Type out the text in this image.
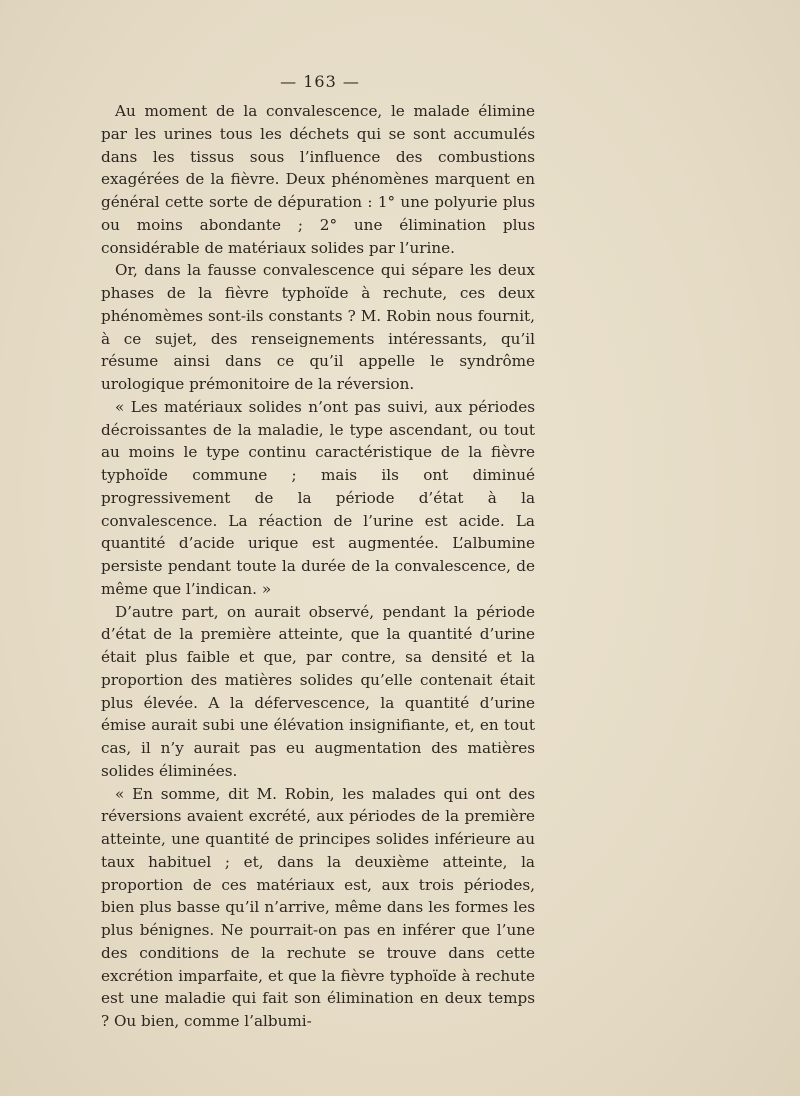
— 163 —

Au moment de la convalescence, le malade élimine par les urines tous les déchets qui se sont accumulés dans les tissus sous l’influence des combustions exagérées de la fièvre. Deux phénomènes marquent en général cette sorte de dépuration : 1° une polyurie plus ou moins abondante ; 2° une élimination plus considérable de matériaux solides par l’urine.

Or, dans la fausse convalescence qui sépare les deux phases de la fièvre typhoïde à rechute, ces deux phénomèmes sont-ils constants ? M. Robin nous fournit, à ce sujet, des renseignements intéressants, qu’il résume ainsi dans ce qu’il appelle le syndrôme urologique prémonitoire de la réversion.

« Les matériaux solides n’ont pas suivi, aux périodes décroissantes de la maladie, le type ascendant, ou tout au moins le type continu caractéristique de la fièvre typhoïde commune ; mais ils ont diminué progressivement de la période d’état à la convalescence. La réaction de l’urine est acide. La quantité d’acide urique est augmentée. L’albumine persiste pendant toute la durée de la convalescence, de même que l’indican. »

D’autre part, on aurait observé, pendant la période d’état de la première atteinte, que la quantité d’urine était plus faible et que, par contre, sa densité et la proportion des matières solides qu’elle contenait était plus élevée. A la défervescence, la quantité d’urine émise aurait subi une élévation insignifiante, et, en tout cas, il n’y aurait pas eu augmentation des matières solides éliminées.

« En somme, dit M. Robin, les malades qui ont des réversions avaient excrété, aux périodes de la première atteinte, une quantité de principes solides inférieure au taux habituel ; et, dans la deuxième atteinte, la proportion de ces matériaux est, aux trois périodes, bien plus basse qu’il n’arrive, même dans les formes les plus bénignes. Ne pourrait-on pas en inférer que l’une des conditions de la rechute se trouve dans cette excrétion imparfaite, et que la fièvre typhoïde à rechute est une maladie qui fait son élimination en deux temps ? Ou bien, comme l’albumi-
